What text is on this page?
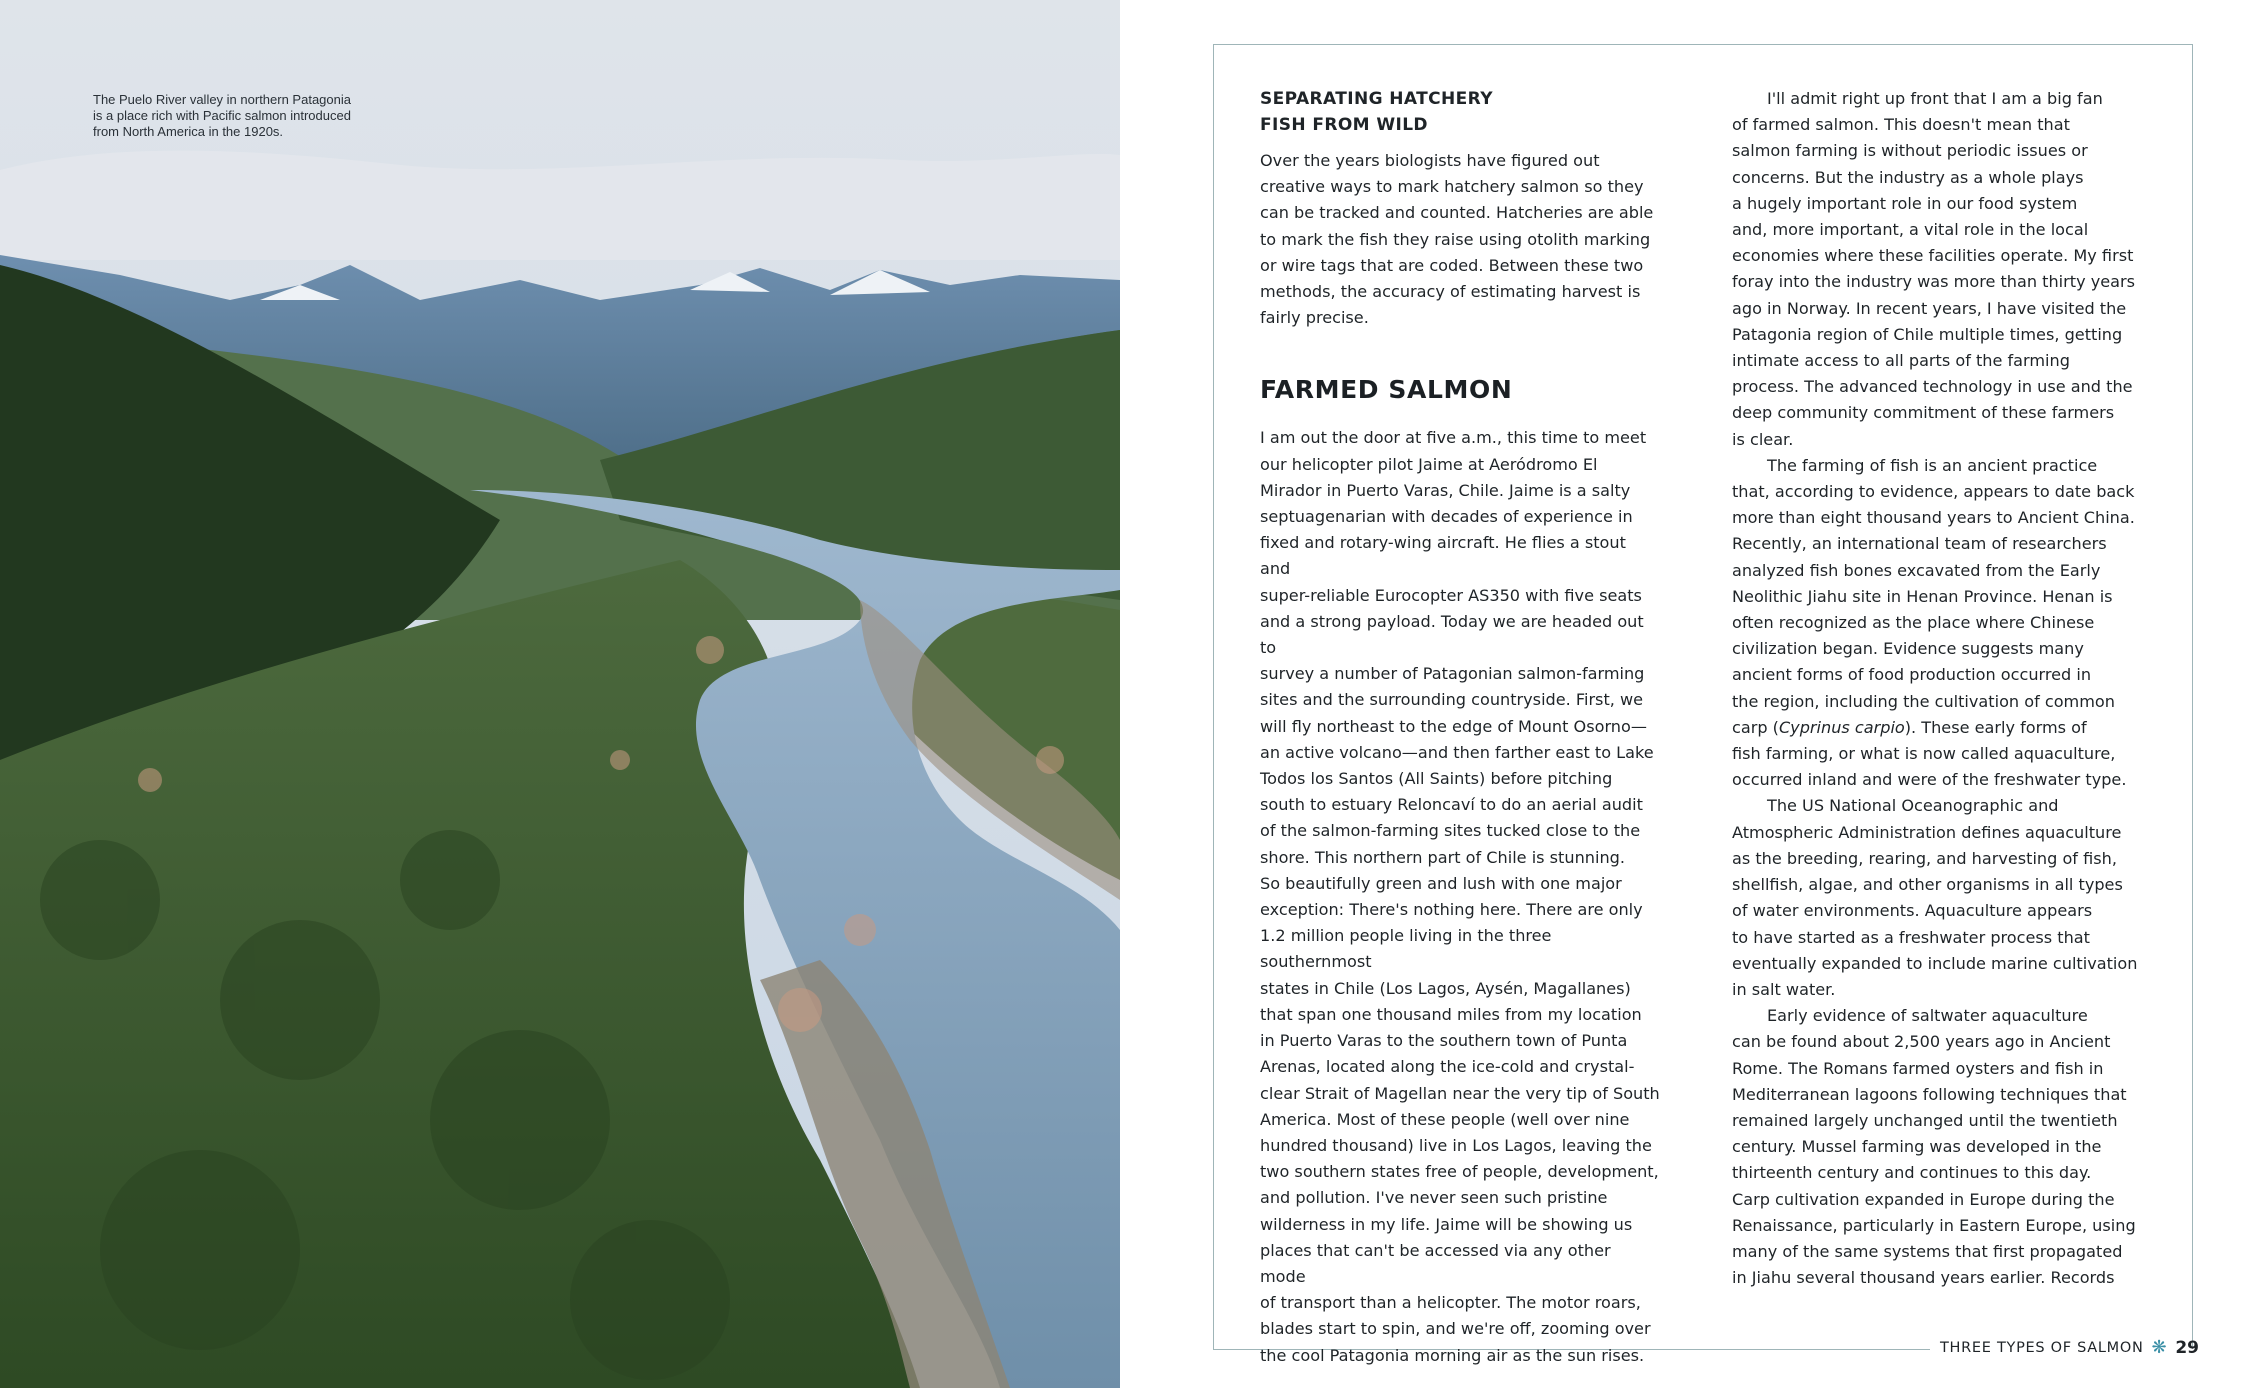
The Puelo River valley in northern Patagonia
is a place rich with Pacific salmon introduced
from North America in the 1920s.
SEPARATING HATCHERY
FISH FROM WILD

Over the years biologists have figured out
creative ways to mark hatchery salmon so they
can be tracked and counted. Hatcheries are able
to mark the fish they raise using otolith marking
or wire tags that are coded. Between these two
methods, the accuracy of estimating harvest is
fairly precise.

FARMED SALMON

I am out the door at five a.m., this time to meet
our helicopter pilot Jaime at Aeródromo El
Mirador in Puerto Varas, Chile. Jaime is a salty
septuagenarian with decades of experience in
fixed and rotary-wing aircraft. He flies a stout and
super-reliable Eurocopter AS350 with five seats
and a strong payload. Today we are headed out to
survey a number of Patagonian salmon-farming
sites and the surrounding countryside. First, we
will fly northeast to the edge of Mount Osorno—
an active volcano—and then farther east to Lake
Todos los Santos (All Saints) before pitching
south to estuary Reloncaví to do an aerial audit
of the salmon-farming sites tucked close to the
shore. This northern part of Chile is stunning.
So beautifully green and lush with one major
exception: There's nothing here. There are only
1.2 million people living in the three southernmost
states in Chile (Los Lagos, Aysén, Magallanes)
that span one thousand miles from my location
in Puerto Varas to the southern town of Punta
Arenas, located along the ice-cold and crystal-
clear Strait of Magellan near the very tip of South
America. Most of these people (well over nine
hundred thousand) live in Los Lagos, leaving the
two southern states free of people, development,
and pollution. I've never seen such pristine
wilderness in my life. Jaime will be showing us
places that can't be accessed via any other mode
of transport than a helicopter. The motor roars,
blades start to spin, and we're off, zooming over
the cool Patagonia morning air as the sun rises.

I'll admit right up front that I am a big fan
of farmed salmon. This doesn't mean that
salmon farming is without periodic issues or
concerns. But the industry as a whole plays
a hugely important role in our food system
and, more important, a vital role in the local
economies where these facilities operate. My first
foray into the industry was more than thirty years
ago in Norway. In recent years, I have visited the
Patagonia region of Chile multiple times, getting
intimate access to all parts of the farming
process. The advanced technology in use and the
deep community commitment of these farmers
is clear.

The farming of fish is an ancient practice
that, according to evidence, appears to date back
more than eight thousand years to Ancient China.
Recently, an international team of researchers
analyzed fish bones excavated from the Early
Neolithic Jiahu site in Henan Province. Henan is
often recognized as the place where Chinese
civilization began. Evidence suggests many
ancient forms of food production occurred in
the region, including the cultivation of common
carp (Cyprinus carpio). These early forms of
fish farming, or what is now called aquaculture,
occurred inland and were of the freshwater type.

The US National Oceanographic and
Atmospheric Administration defines aquaculture
as the breeding, rearing, and harvesting of fish,
shellfish, algae, and other organisms in all types
of water environments. Aquaculture appears
to have started as a freshwater process that
eventually expanded to include marine cultivation
in salt water.

Early evidence of saltwater aquaculture
can be found about 2,500 years ago in Ancient
Rome. The Romans farmed oysters and fish in
Mediterranean lagoons following techniques that
remained largely unchanged until the twentieth
century. Mussel farming was developed in the
thirteenth century and continues to this day.
Carp cultivation expanded in Europe during the
Renaissance, particularly in Eastern Europe, using
many of the same systems that first propagated
in Jiahu several thousand years earlier. Records

THREE TYPES OF SALMON ❋ 29
